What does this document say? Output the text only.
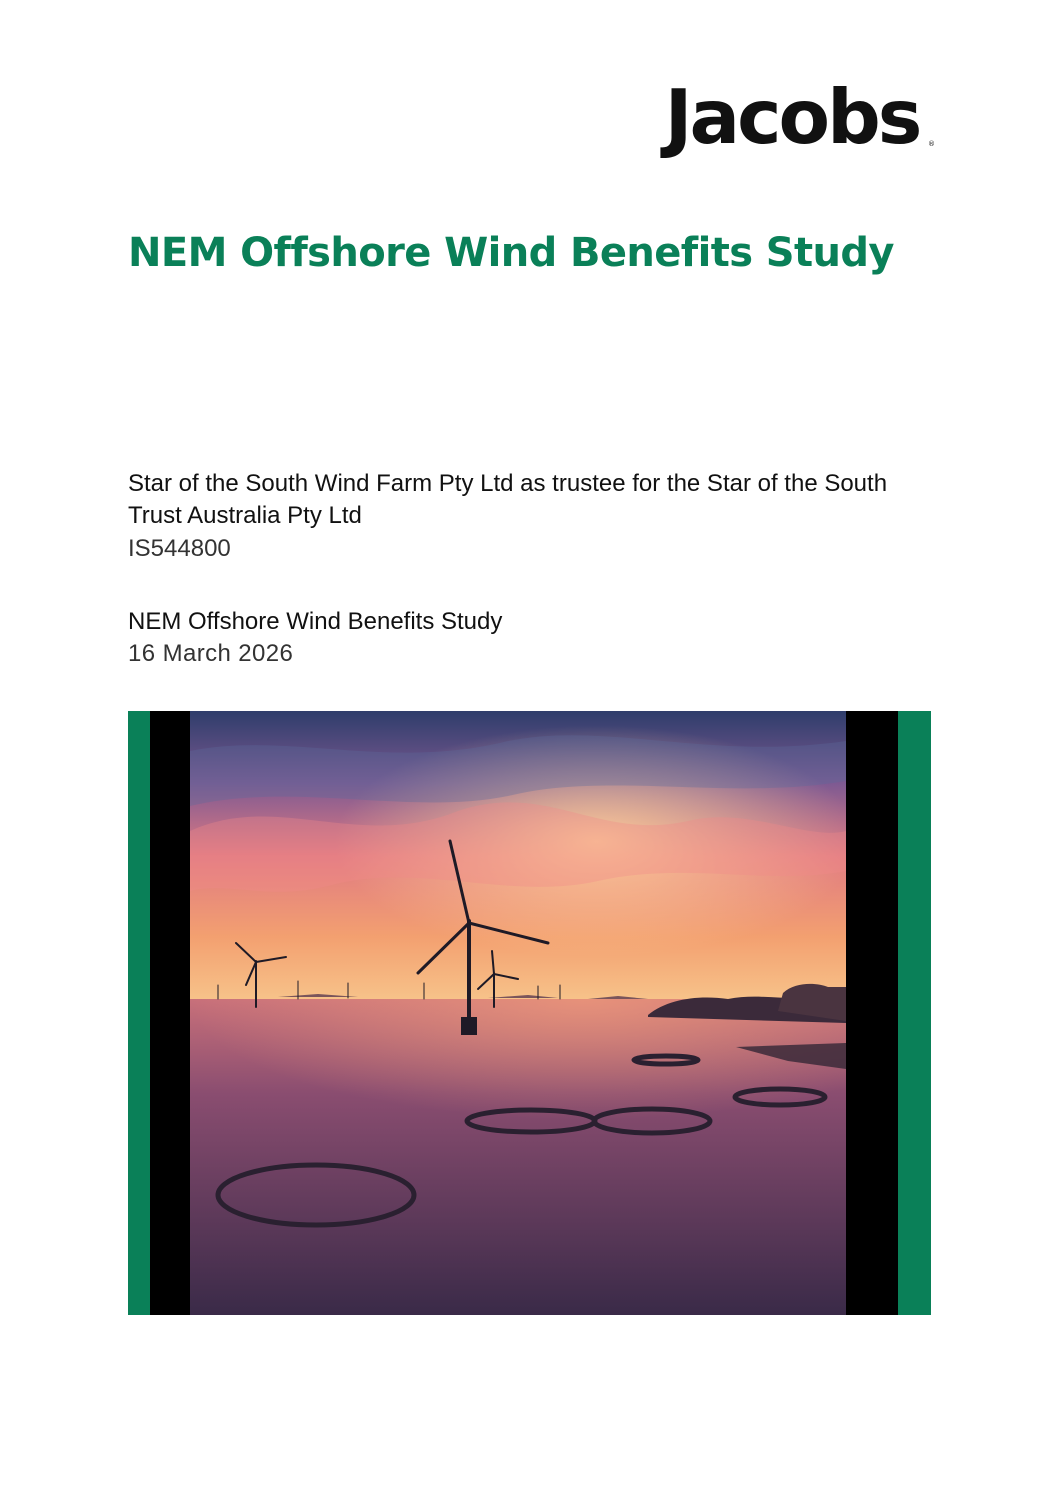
Jacobs ®
NEM Offshore Wind Benefits Study

Star of the South Wind Farm Pty Ltd as trustee for the Star of the South Trust Australia Pty Ltd

IS544800

NEM Offshore Wind Benefits Study

16 March 2026
